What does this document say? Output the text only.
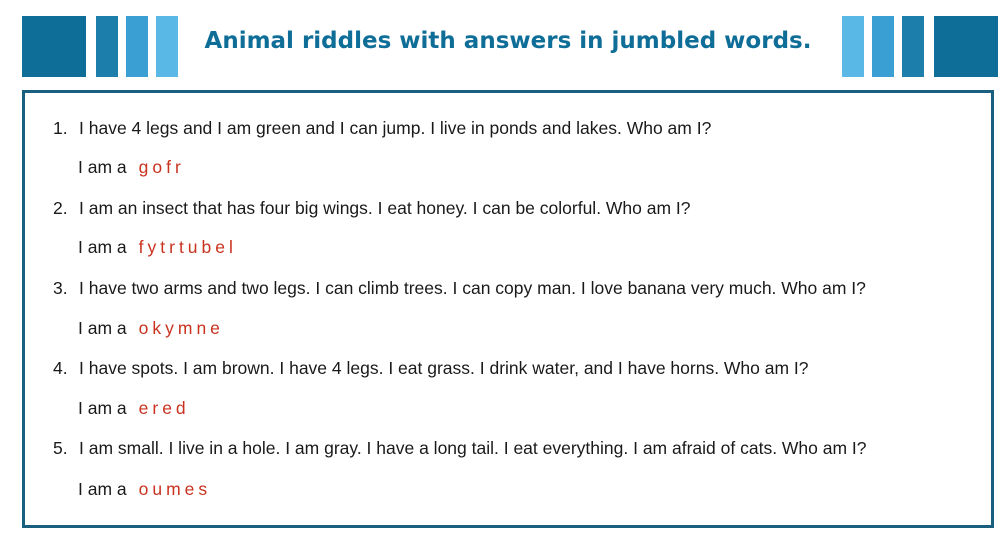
Animal riddles with answers in jumbled words.
1. I have 4 legs and I am green and I can jump. I live in ponds and lakes. Who am I?
I am a gofr
2. I am an insect that has four big wings. I eat honey. I can be colorful. Who am I?
I am a fytrtubel
3. I have two arms and two legs. I can climb trees. I can copy man. I love banana very much. Who am I?
I am a okymne
4. I have spots. I am brown. I have 4 legs. I eat grass. I drink water, and I have horns. Who am I?
I am a ered
5. I am small. I live in a hole. I am gray. I have a long tail. I eat everything. I am afraid of cats. Who am I?
I am a oumes
